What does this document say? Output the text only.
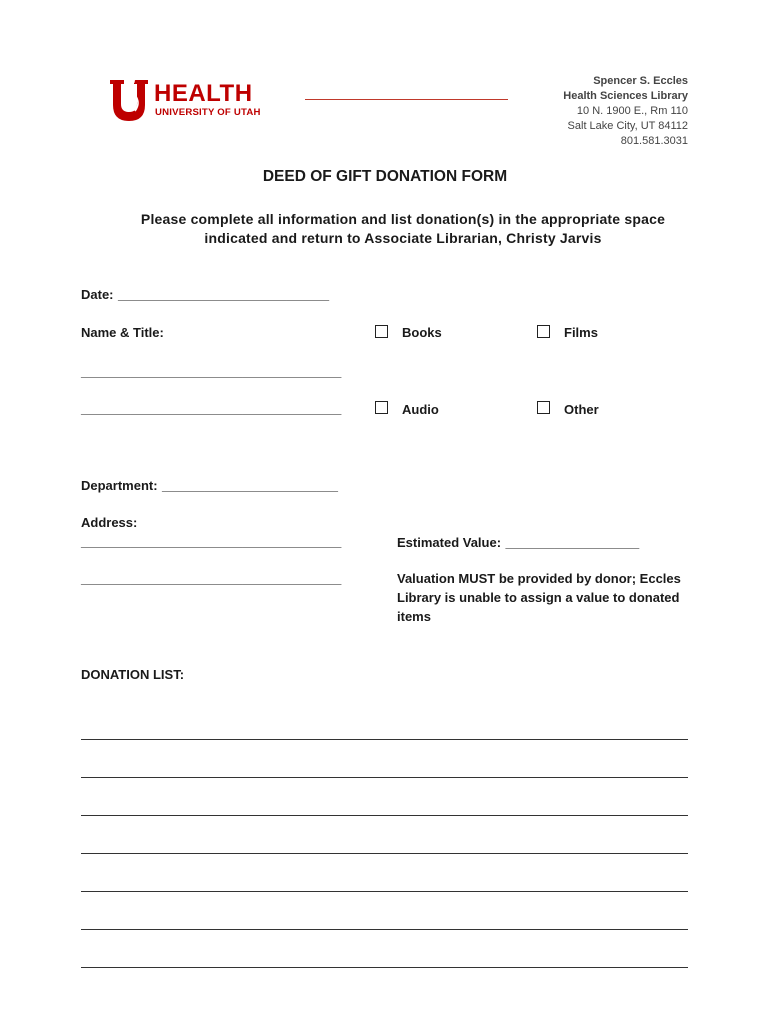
HEALTH
UNIVERSITY OF UTAH
Spencer S. Eccles
Health Sciences Library
10 N. 1900 E., Rm 110
Salt Lake City, UT 84112
801.581.3031
DEED OF GIFT DONATION FORM
Please complete all information and list donation(s) in the appropriate space
indicated and return to Associate Librarian, Christy Jarvis
Date: ______________________________
Name & Title:
_____________________________________
_____________________________________
Books	Films
Audio	Other
Department: _________________________
Address:
_____________________________________
_____________________________________
Estimated Value: ___________________
Valuation MUST be provided by donor; Eccles Library is unable to assign a value to donated items
DONATION LIST:
